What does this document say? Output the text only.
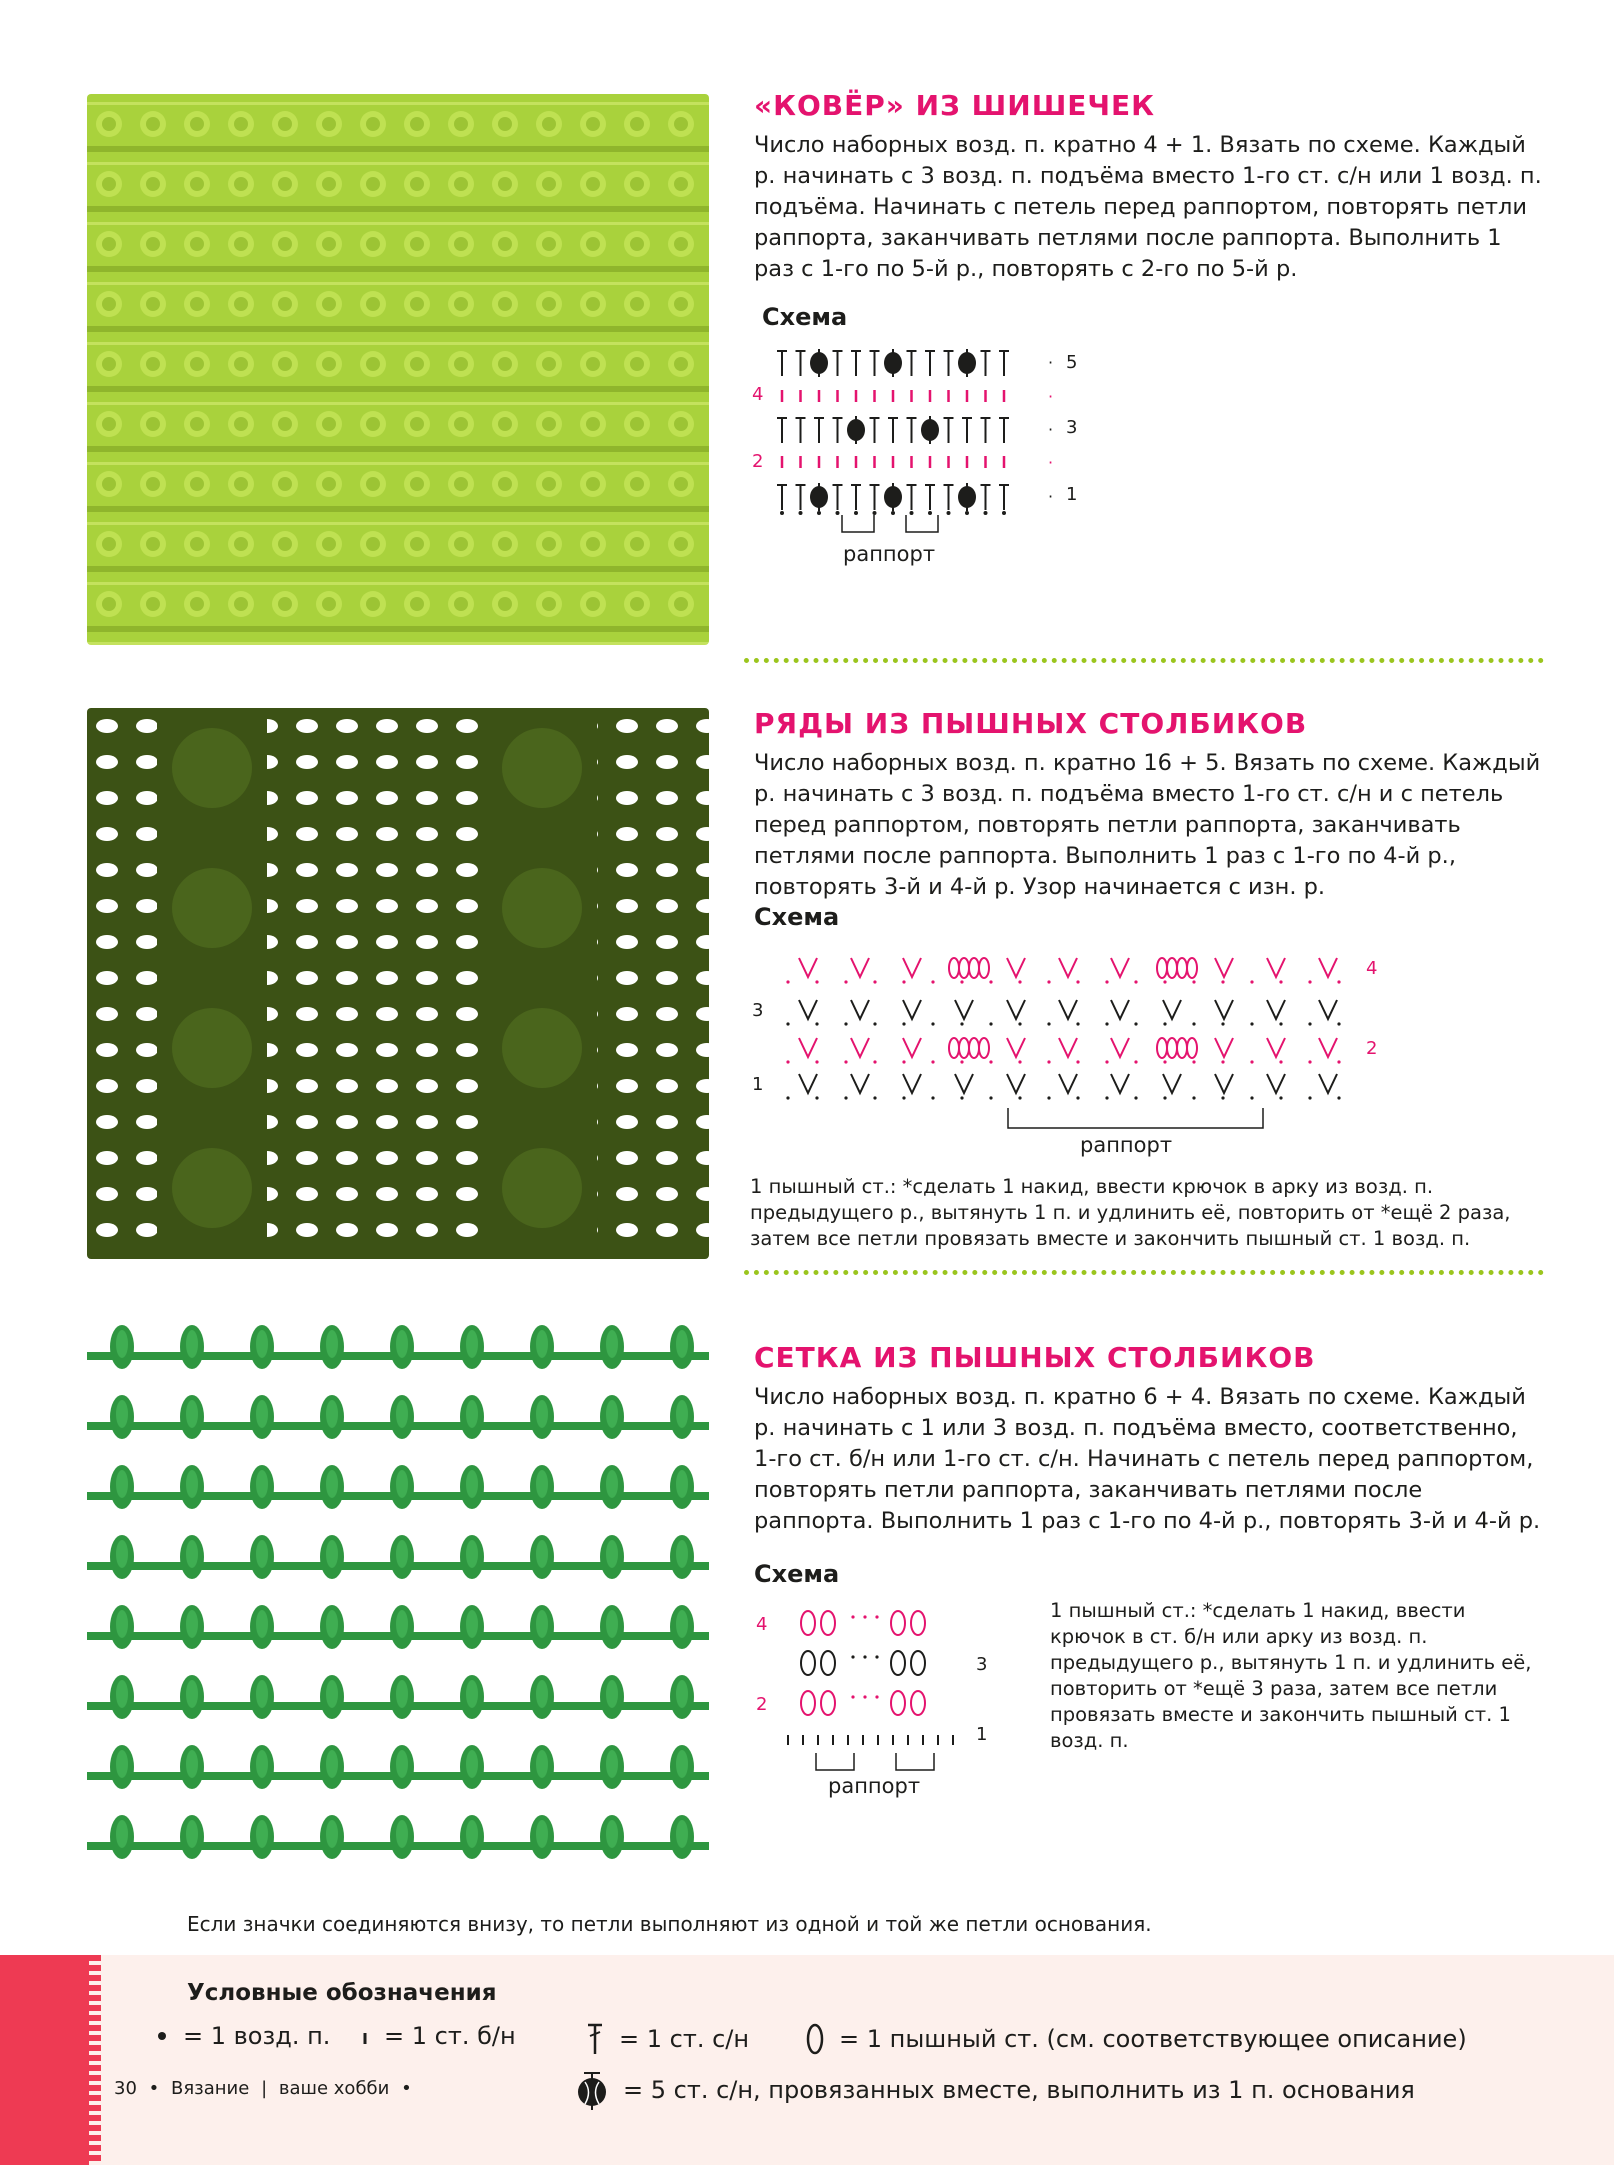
«КОВЁР» ИЗ ШИШЕЧЕК

Число наборных возд. п. кратно 4 + 1. Вязать по схеме. Каждый р. начинать с 3 возд. п. подъёма вместо 1-го ст. с/н или 1 возд. п. подъёма. Начинать с петель перед раппортом, повторять петли раппорта, заканчивать петлями после раппорта. Выполнить 1 раз с 1-го по 5-й р., повторять с 2-го по 5-й р.

Схема
5
4
3
2
1
·
·
·
·
·
раппорт
РЯДЫ ИЗ ПЫШНЫХ СТОЛБИКОВ

Число наборных возд. п. кратно 16 + 5. Вязать по схеме. Каждый р. начинать с 3 возд. п. подъёма вместо 1-го ст. с/н и с петель перед раппортом, повторять петли раппорта, заканчивать петлями после раппорта. Выполнить 1 раз с 1-го по 4-й р., повторять 3-й и 4-й р. Узор начинается с изн. р.

Схема
4
3
2
1
раппорт
1 пышный ст.: *сделать 1 накид, ввести крючок в арку из возд. п. предыдущего р., вытянуть 1 п. и удлинить её, повторить от *ещё 2 раза, затем все петли провязать вместе и закончить пышный ст. 1 возд. п.
СЕТКА ИЗ ПЫШНЫХ СТОЛБИКОВ

Число наборных возд. п. кратно 6 + 4. Вязать по схеме. Каждый р. начинать с 1 или 3 возд. п. подъёма вместо, соответственно, 1-го ст. б/н или 1-го ст. с/н. Начинать с петель перед раппортом, повторять петли раппорта, заканчивать петлями после раппорта. Выполнить 1 раз с 1-го по 4-й р., повторять 3-й и 4-й р.

Схема
4
3
2
1
раппорт
1 пышный ст.: *сделать 1 накид, ввести крючок в ст. б/н или арку из возд. п. предыдущего р., вытянуть 1 п. и удлинить её, повторить от *ещё 3 раза, затем все петли провязать вместе и закончить пышный ст. 1 возд. п.
Если значки соединяются внизу, то петли выполняют из одной и той же петли основания.
Условные обозначения
= 1 возд. п. = 1 ст. б/н	= 1 ст. с/н	= 1 пышный ст. (см. соответствующее описание)
= 5 ст. с/н, провязанных вместе, выполнить из 1 п. основания
30 • Вязание | ваше хобби •
